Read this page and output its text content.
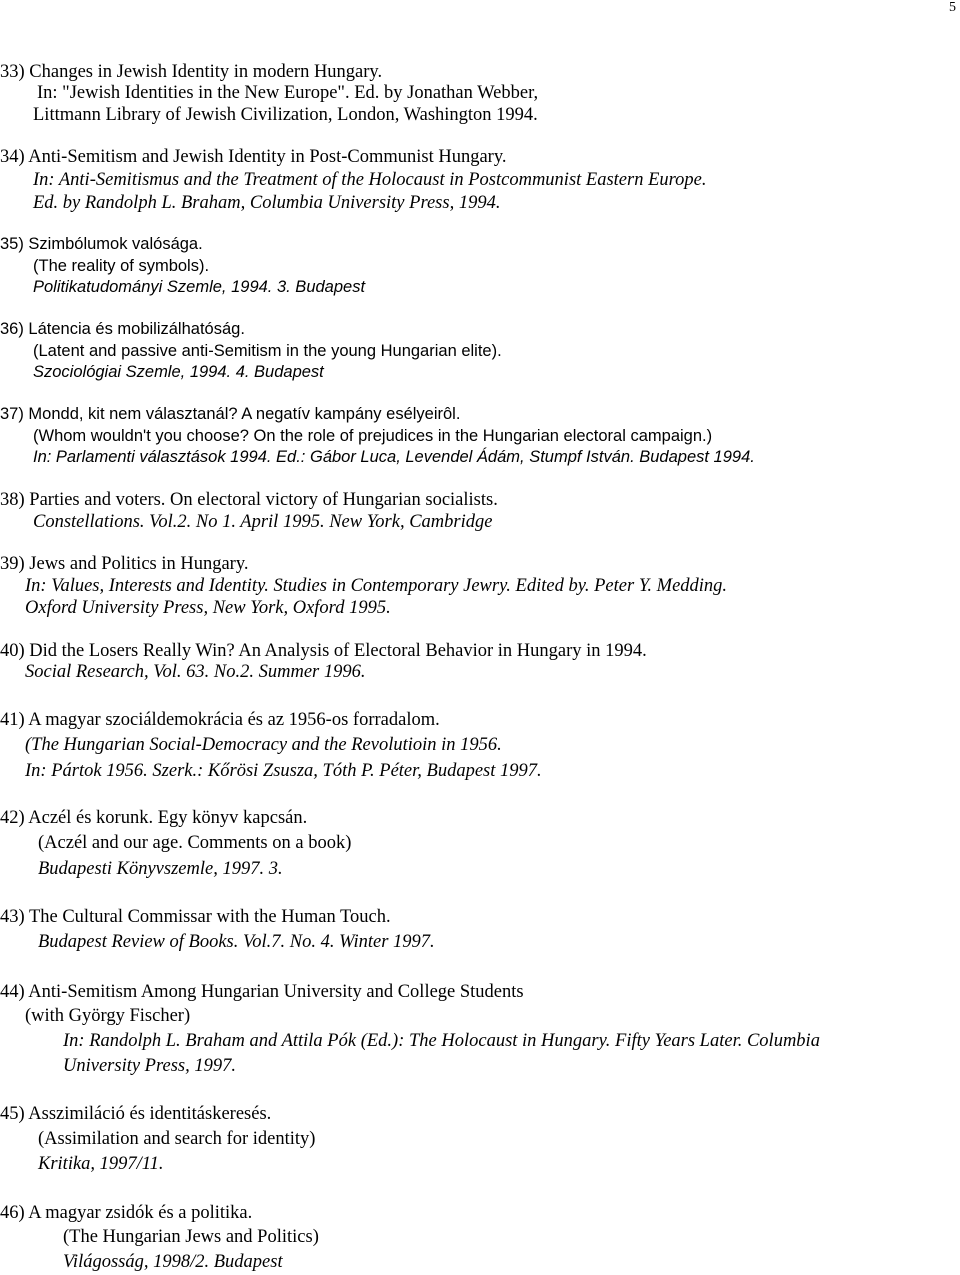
5
33) Changes in Jewish Identity in modern Hungary.
In: "Jewish Identities in the New Europe". Ed. by Jonathan Webber,
Littmann Library of Jewish Civilization, London, Washington 1994.
34) Anti-Semitism and Jewish Identity in Post-Communist Hungary.
In: Anti-Semitismus and the Treatment of the Holocaust in Postcommunist Eastern Europe.
Ed. by Randolph L. Braham, Columbia University Press, 1994.
35) Szimbólumok valósága.
(The reality of symbols).
Politikatudományi Szemle, 1994. 3. Budapest
36) Látencia és mobilizálhatóság.
(Latent and passive anti-Semitism in the young Hungarian elite).
Szociológiai Szemle, 1994. 4. Budapest
37) Mondd, kit nem választanál? A negatív kampány esélyeirôl.
(Whom wouldn't you choose? On the role of prejudices in the Hungarian electoral campaign.)
In: Parlamenti választások 1994. Ed.: Gábor Luca, Levendel Ádám, Stumpf István. Budapest 1994.
38) Parties and voters. On electoral victory of Hungarian socialists.
Constellations. Vol.2. No 1. April 1995. New York, Cambridge
39) Jews and Politics in Hungary.
In: Values, Interests and Identity. Studies in Contemporary Jewry. Edited by. Peter Y. Medding.
Oxford University Press, New York, Oxford 1995.
40) Did the Losers Really Win? An Analysis of Electoral Behavior in Hungary in 1994.
Social Research, Vol. 63. No.2. Summer 1996.
41) A magyar szociáldemokrácia és az 1956-os forradalom.
(The Hungarian Social-Democracy and the Revolutioin in 1956.
In: Pártok 1956. Szerk.: Kőrösi Zsusza, Tóth P. Péter, Budapest 1997.
42) Aczél és korunk. Egy könyv kapcsán.
(Aczél and our age. Comments on a book)
Budapesti Könyvszemle, 1997. 3.
43) The Cultural Commissar with the Human Touch.
Budapest Review of Books. Vol.7. No. 4. Winter 1997.
44) Anti-Semitism Among Hungarian University and College Students
(with György Fischer)
In: Randolph L. Braham and Attila Pók (Ed.): The Holocaust in Hungary. Fifty Years Later. Columbia
University Press, 1997.
45) Asszimiláció és identitáskeresés.
(Assimilation and search for identity)
Kritika, 1997/11.
46) A magyar zsidók és a politika.
(The Hungarian Jews and Politics)
Világosság, 1998/2. Budapest
